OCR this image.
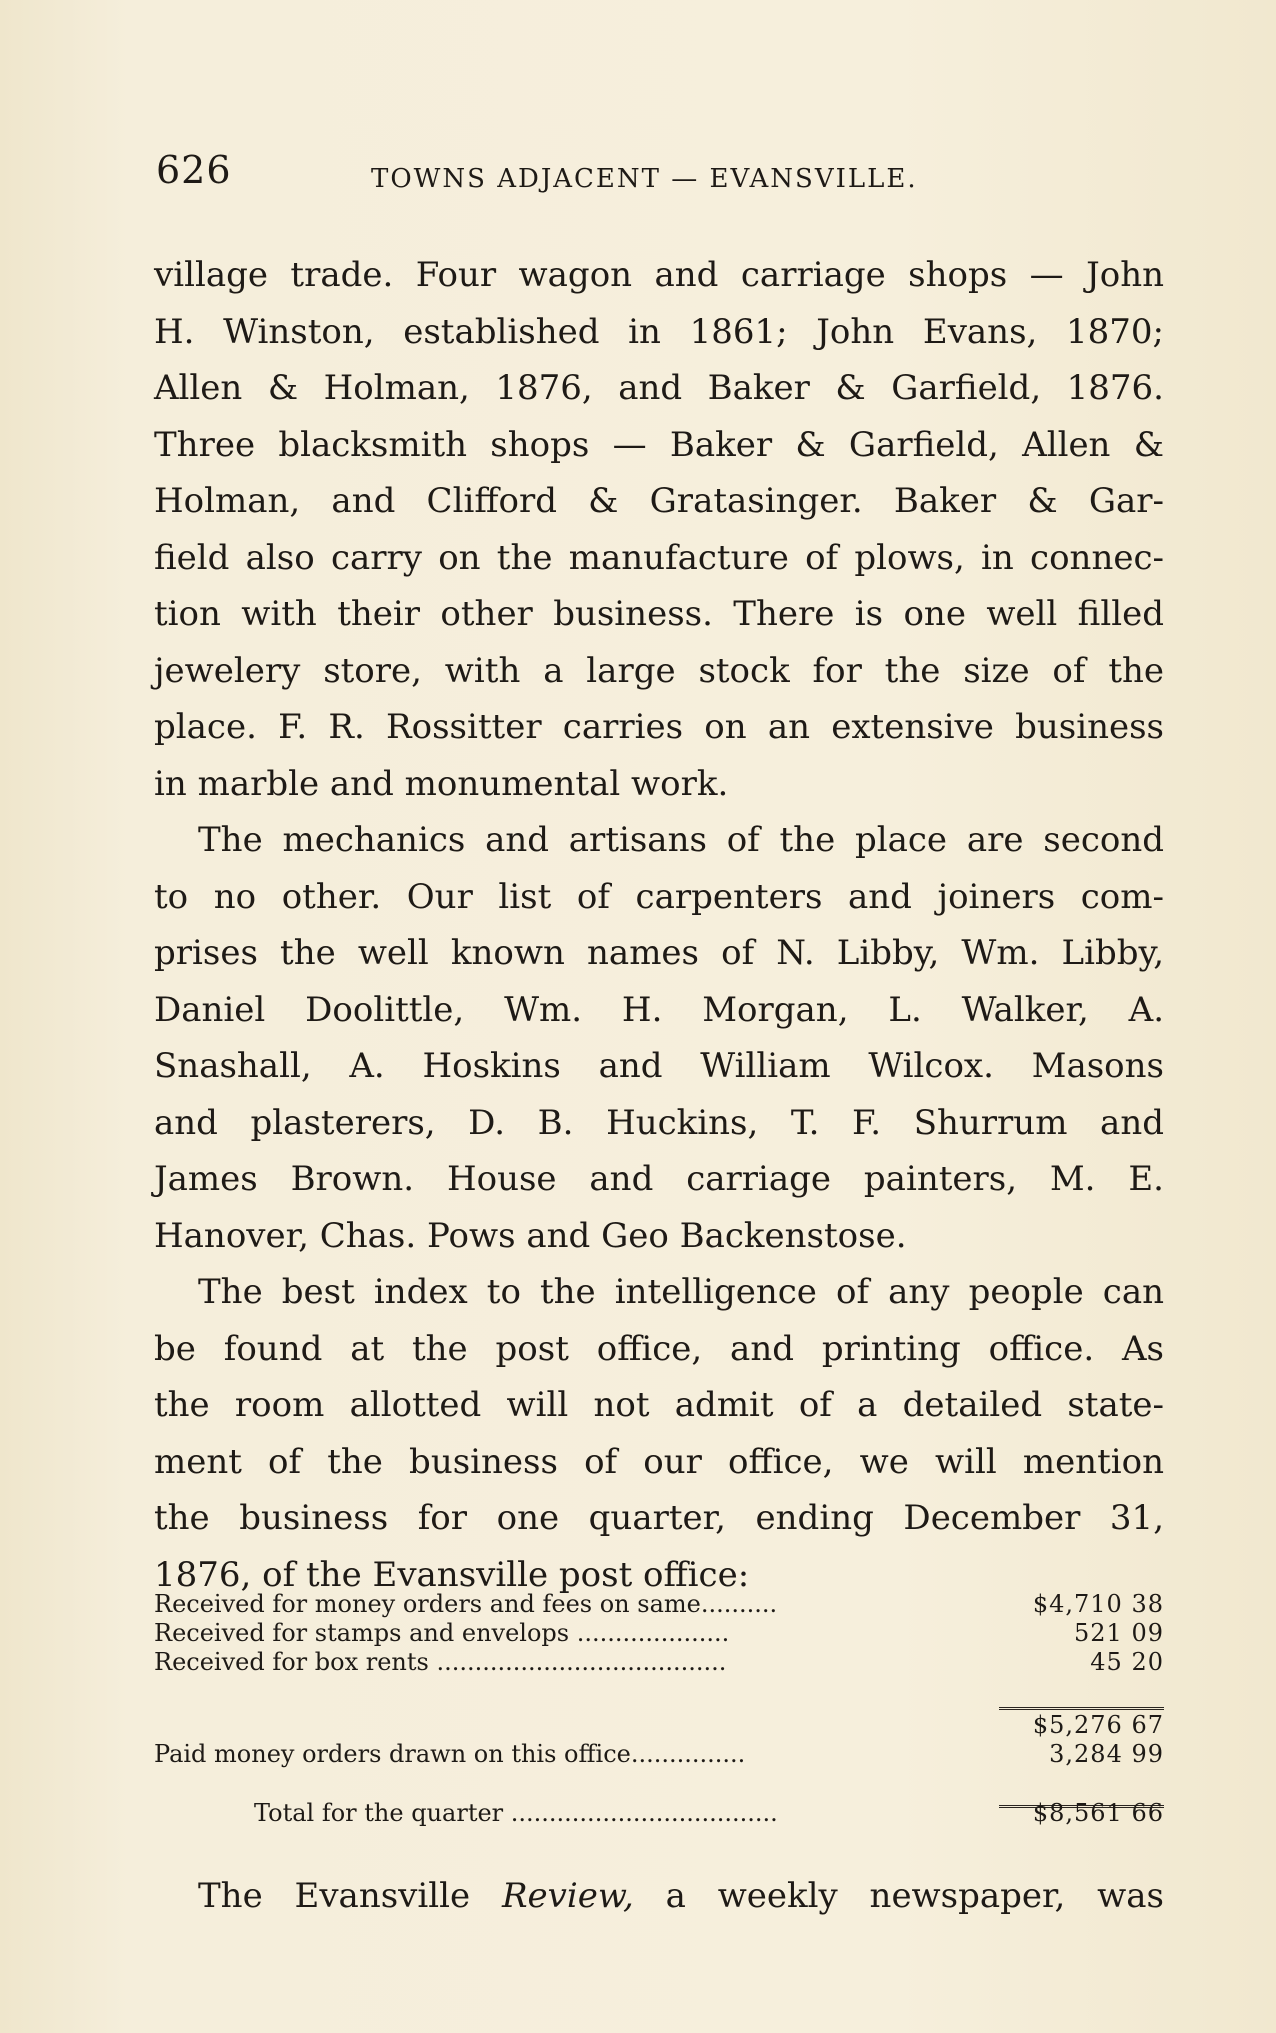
626	TOWNS ADJACENT — EVANSVILLE.
village trade. Four wagon and carriage shops — John
H. Winston, established in 1861; John Evans, 1870;
Allen & Holman, 1876, and Baker & Garfield, 1876.
Three blacksmith shops — Baker & Garfield, Allen &
Holman, and Clifford & Gratasinger. Baker & Gar-
field also carry on the manufacture of plows, in connec-
tion with their other business. There is one well filled
jewelery store, with a large stock for the size of the
place. F. R. Rossitter carries on an extensive business
in marble and monumental work.
The mechanics and artisans of the place are second
to no other. Our list of carpenters and joiners com-
prises the well known names of N. Libby, Wm. Libby,
Daniel Doolittle, Wm. H. Morgan, L. Walker, A.
Snashall, A. Hoskins and William Wilcox. Masons
and plasterers, D. B. Huckins, T. F. Shurrum and
James Brown. House and carriage painters, M. E.
Hanover, Chas. Pows and Geo Backenstose.
The best index to the intelligence of any people can
be found at the post office, and printing office. As
the room allotted will not admit of a detailed state-
ment of the business of our office, we will mention
the business for one quarter, ending December 31,
1876, of the Evansville post office:
Received for money orders and fees on same..........	$4,710 38
Received for stamps and envelops ....................	521 09
Received for box rents ......................................	45 20
$5,276 67
Paid money orders drawn on this office...............	3,284 99
Total for the quarter ...................................	$8,561 66
The Evansville Review, a weekly newspaper, was
